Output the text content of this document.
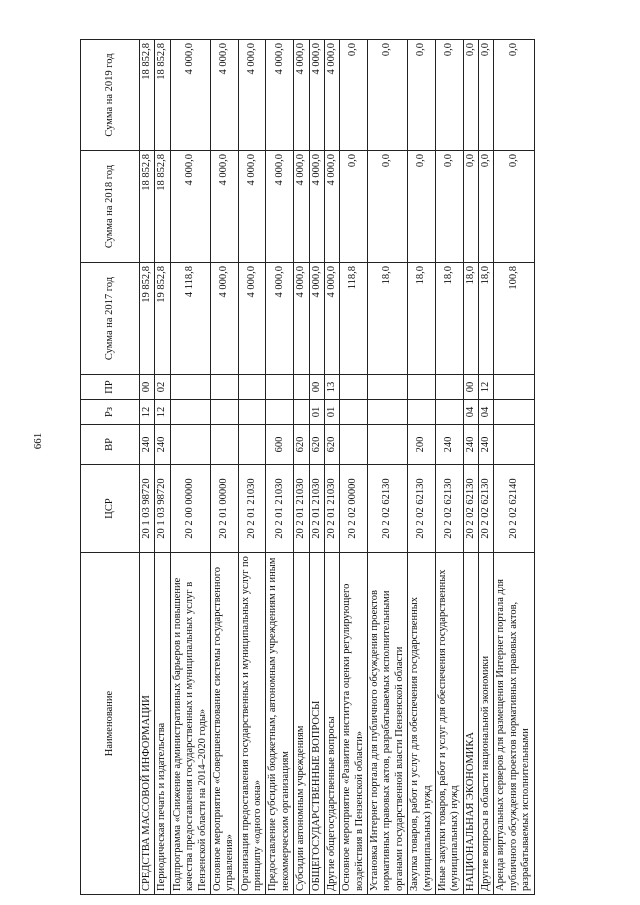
661
Наименование	ЦСР	ВР	Рз	ПР	Сумма на 2017 год	Сумма на 2018 год	Сумма на 2019 год
СРЕДСТВА МАССОВОЙ ИНФОРМАЦИИ	20 1 03 98720	240	12	00	19 852,8	18 852,8	18 852,8
Периодическая печать и издательства	20 1 03 98720	240	12	02	19 852,8	18 852,8	18 852,8
Подпрограмма «Снижение административных барьеров и повышение качества предоставления государственных и муниципальных услуг в Пензенской области на 2014–2020 годы»	20 2 00 00000				4 118,8	4 000,0	4 000,0
Основное мероприятие «Совершенствование системы государственного управления»	20 2 01 00000				4 000,0	4 000,0	4 000,0
Организация предоставления государственных и муниципальных услуг по принципу «одного окна»	20 2 01 21030				4 000,0	4 000,0	4 000,0
Предоставление субсидий бюджетным, автономным учреждениям и иным некоммерческим организациям	20 2 01 21030	600			4 000,0	4 000,0	4 000,0
Субсидии автономным учреждениям	20 2 01 21030	620			4 000,0	4 000,0	4 000,0
ОБЩЕГОСУДАРСТВЕННЫЕ ВОПРОСЫ	20 2 01 21030	620	01	00	4 000,0	4 000,0	4 000,0
Другие общегосударственные вопросы	20 2 01 21030	620	01	13	4 000,0	4 000,0	4 000,0
Основное мероприятие «Развитие института оценки регулирующего воздействия в Пензенской области»	20 2 02 00000				118,8	0,0	0,0
Установка Интернет портала для публичного обсуждения проектов нормативных правовых актов, разрабатываемых исполнительными органами государственной власти Пензенской области	20 2 02 62130				18,0	0,0	0,0
Закупка товаров, работ и услуг для обеспечения государственных (муниципальных) нужд	20 2 02 62130	200			18,0	0,0	0,0
Иные закупки товаров, работ и услуг для обеспечения государственных (муниципальных) нужд	20 2 02 62130	240			18,0	0,0	0,0
НАЦИОНАЛЬНАЯ ЭКОНОМИКА	20 2 02 62130	240	04	00	18,0	0,0	0,0
Другие вопросы в области национальной экономики	20 2 02 62130	240	04	12	18,0	0,0	0,0
Аренда виртуальных серверов для размещения Интернет портала для публичного обсуждения проектов нормативных правовых актов, разрабатываемых исполнительными	20 2 02 62140				100,8	0,0	0,0
